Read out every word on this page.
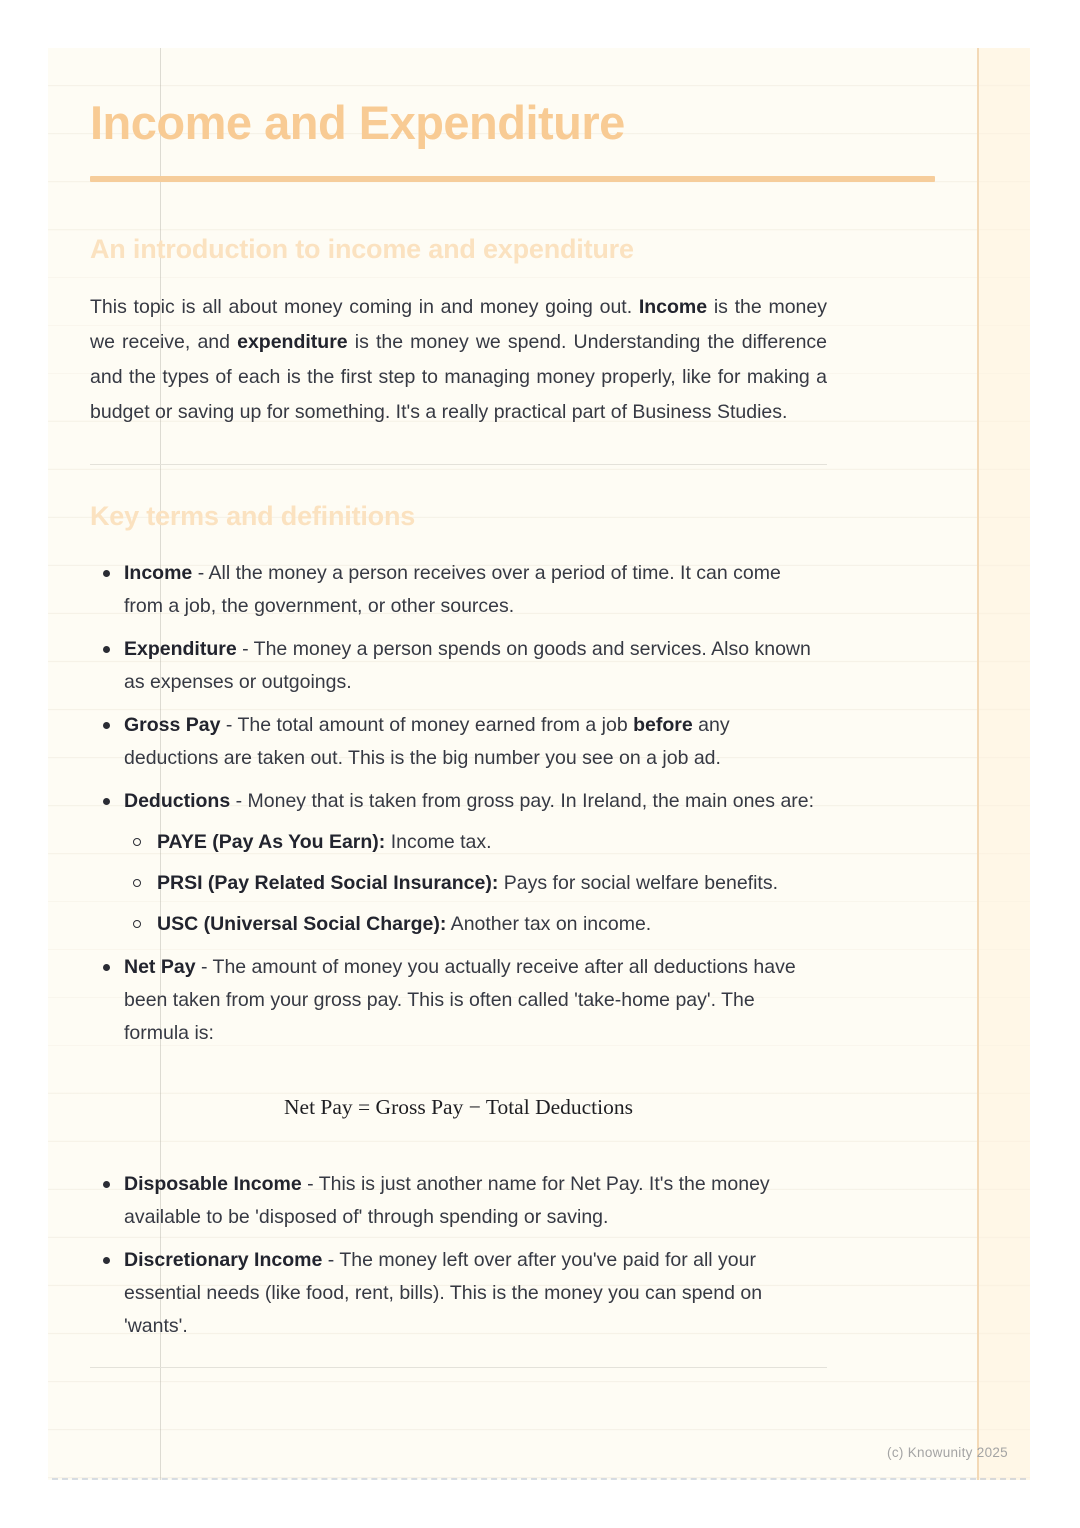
Income and Expenditure
An introduction to income and expenditure

This topic is all about money coming in and money going out. Income is the money we receive, and expenditure is the money we spend. Understanding the difference and the types of each is the first step to managing money properly, like for making a budget or saving up for something. It's a really practical part of Business Studies.

Key terms and definitions
Income - All the money a person receives over a period of time. It can come from a job, the government, or other sources.
Expenditure - The money a person spends on goods and services. Also known as expenses or outgoings.
Gross Pay - The total amount of money earned from a job before any deductions are taken out. This is the big number you see on a job ad.
Deductions - Money that is taken from gross pay. In Ireland, the main ones are:
PAYE (Pay As You Earn): Income tax.
PRSI (Pay Related Social Insurance): Pays for social welfare benefits.
USC (Universal Social Charge): Another tax on income.
Net Pay - The amount of money you actually receive after all deductions have been taken from your gross pay. This is often called 'take-home pay'. The formula is:
Net Pay = Gross Pay − Total Deductions
Disposable Income - This is just another name for Net Pay. It's the money available to be 'disposed of' through spending or saving.
Discretionary Income - The money left over after you've paid for all your essential needs (like food, rent, bills). This is the money you can spend on 'wants'.
(c) Knowunity 2025
